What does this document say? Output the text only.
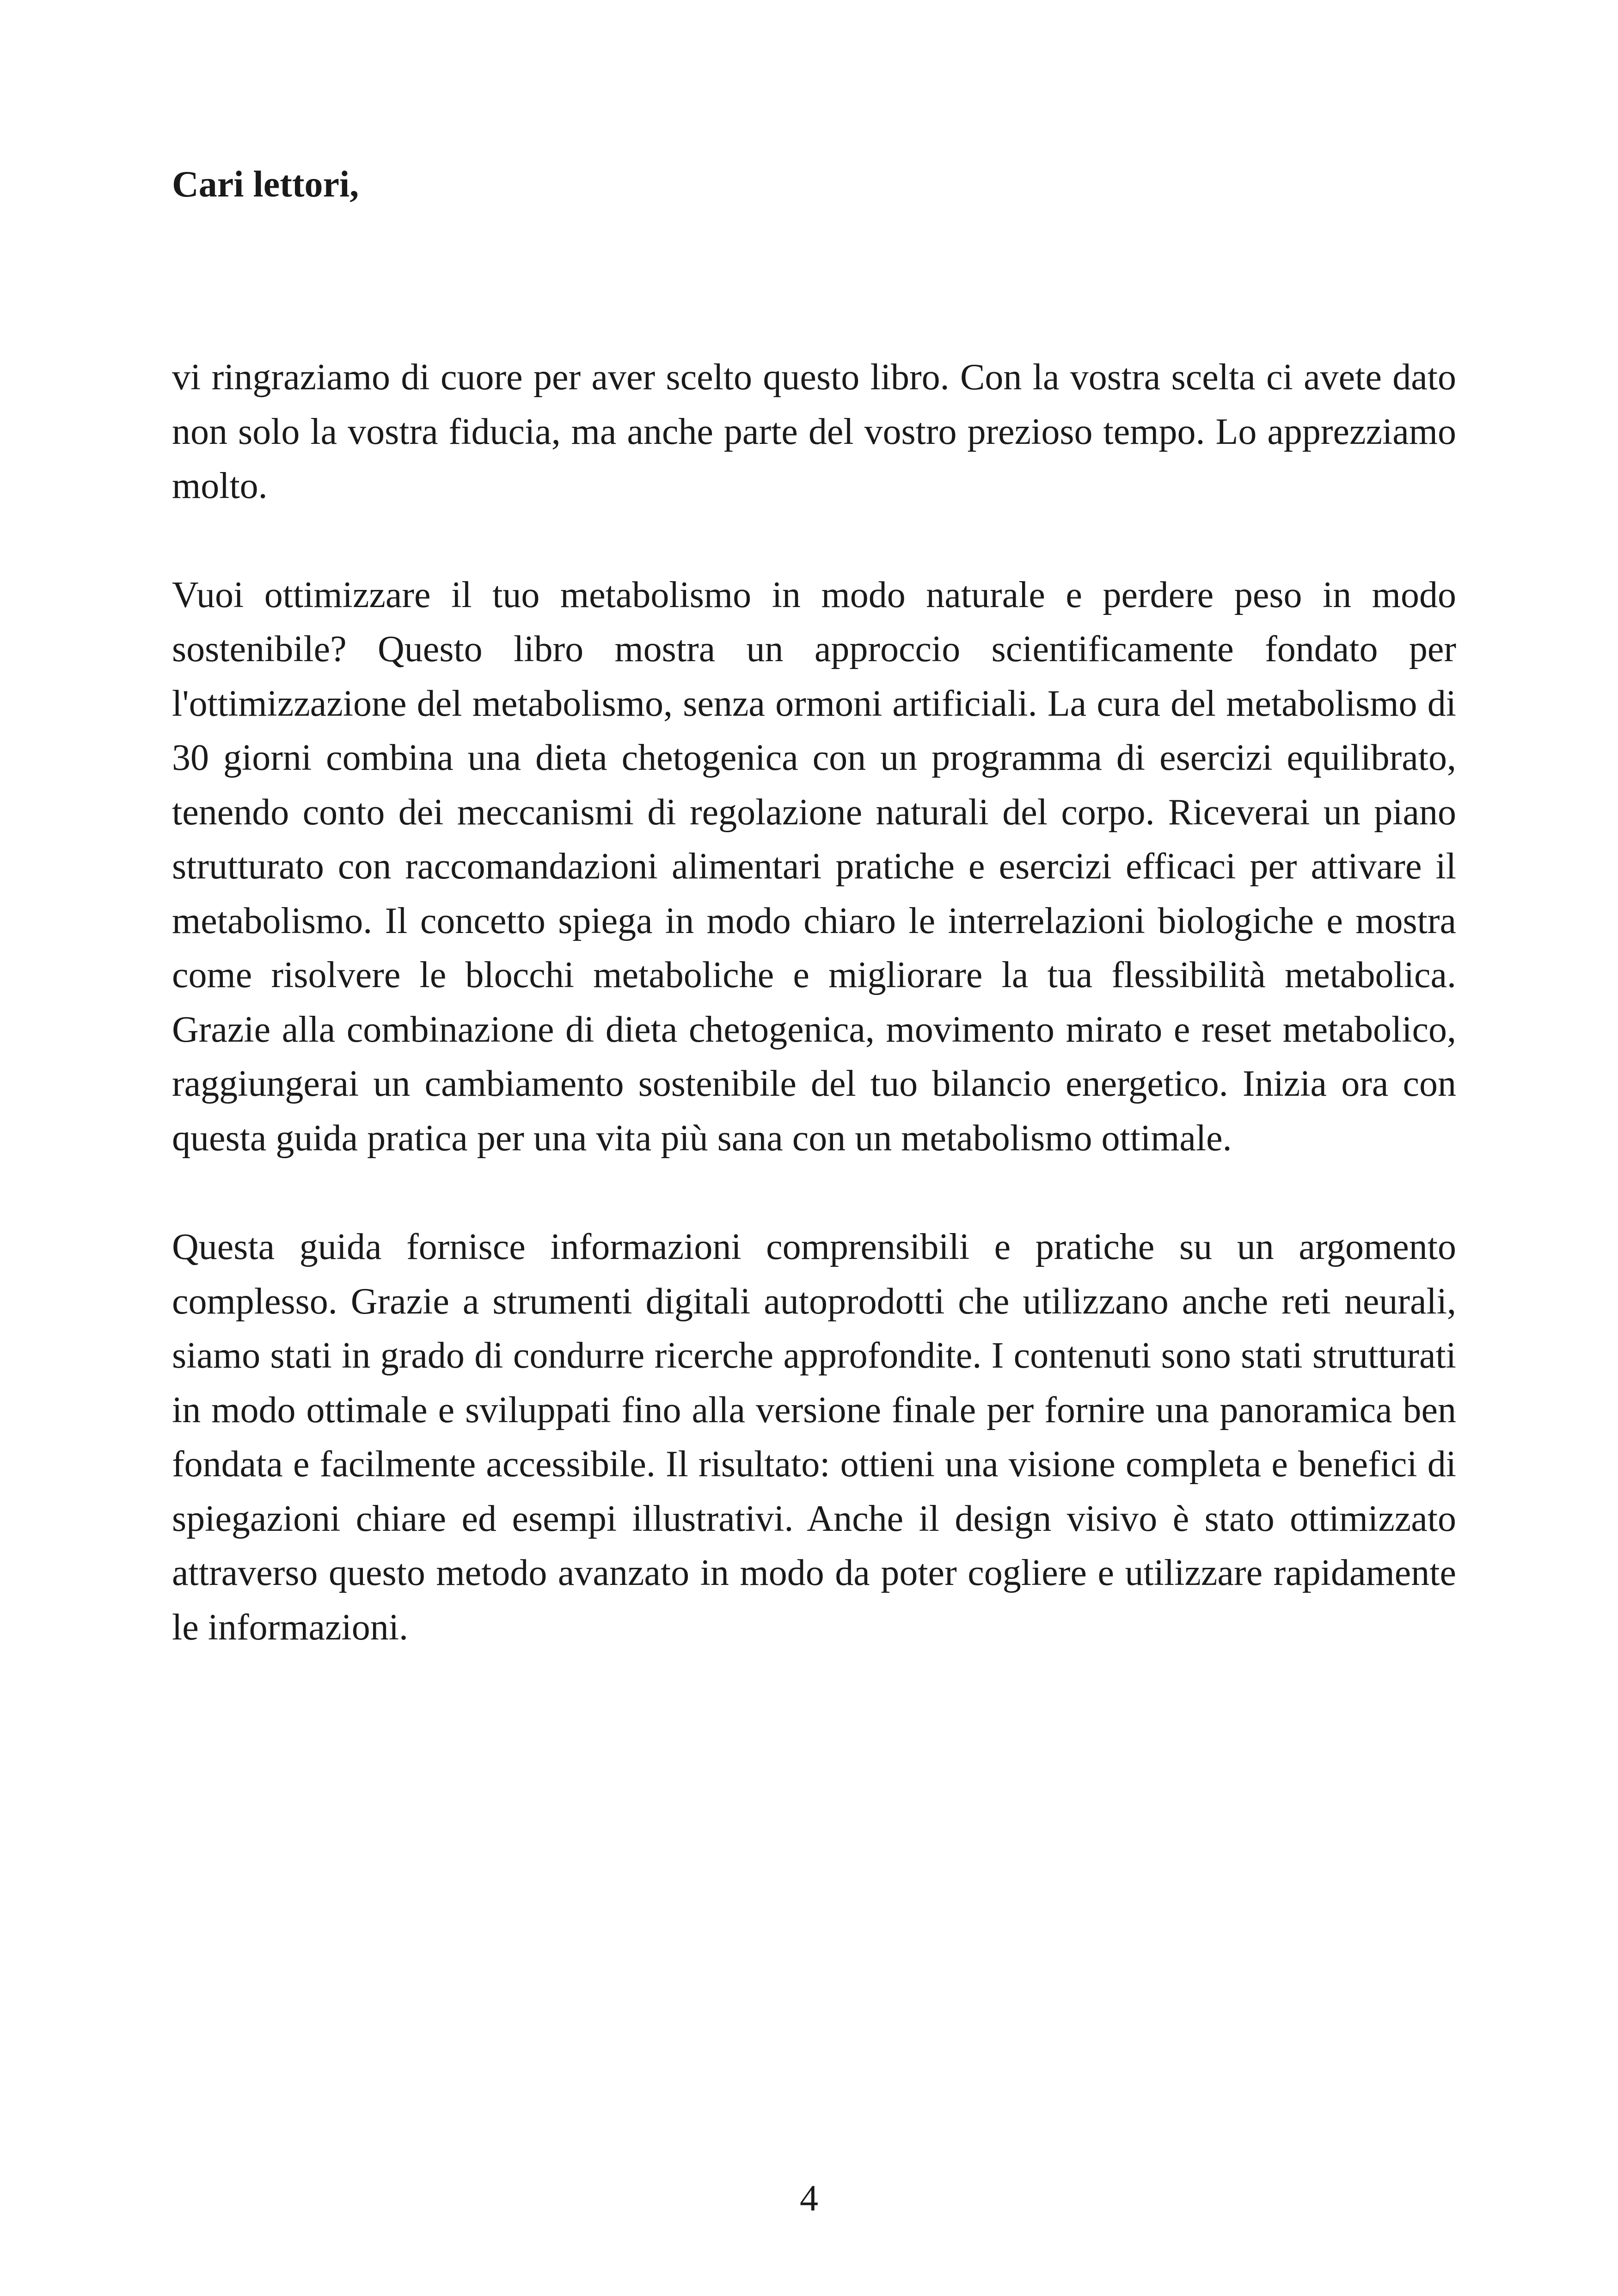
Cari lettori,

vi ringraziamo di cuore per aver scelto questo libro. Con la vostra scelta ci avete dato non solo la vostra fiducia, ma anche parte del vostro prezioso tempo. Lo apprezziamo molto.

Vuoi ottimizzare il tuo metabolismo in modo naturale e perdere peso in modo sostenibile? Questo libro mostra un approccio scientificamente fondato per l'ottimizzazione del metabolismo, senza ormoni artificiali. La cura del metabolismo di 30 giorni combina una dieta chetogenica con un programma di esercizi equilibrato, tenendo conto dei meccanismi di regolazione naturali del corpo. Riceverai un piano strutturato con raccomandazioni alimentari pratiche e esercizi efficaci per attivare il metabolismo. Il concetto spiega in modo chiaro le interrelazioni biologiche e mostra come risolvere le blocchi metaboliche e migliorare la tua flessibilità metabolica. Grazie alla combinazione di dieta chetogenica, movimento mirato e reset metabolico, raggiungerai un cambiamento sostenibile del tuo bilancio energetico. Inizia ora con questa guida pratica per una vita più sana con un metabolismo ottimale.

Questa guida fornisce informazioni comprensibili e pratiche su un argomento complesso. Grazie a strumenti digitali autoprodotti che utilizzano anche reti neurali, siamo stati in grado di condurre ricerche approfondite. I contenuti sono stati strutturati in modo ottimale e sviluppati fino alla versione finale per fornire una panoramica ben fondata e facilmente accessibile. Il risultato: ottieni una visione completa e benefici di spiegazioni chiare ed esempi illustrativi. Anche il design visivo è stato ottimizzato attraverso questo metodo avanzato in modo da poter cogliere e utilizzare rapidamente le informazioni.

4
